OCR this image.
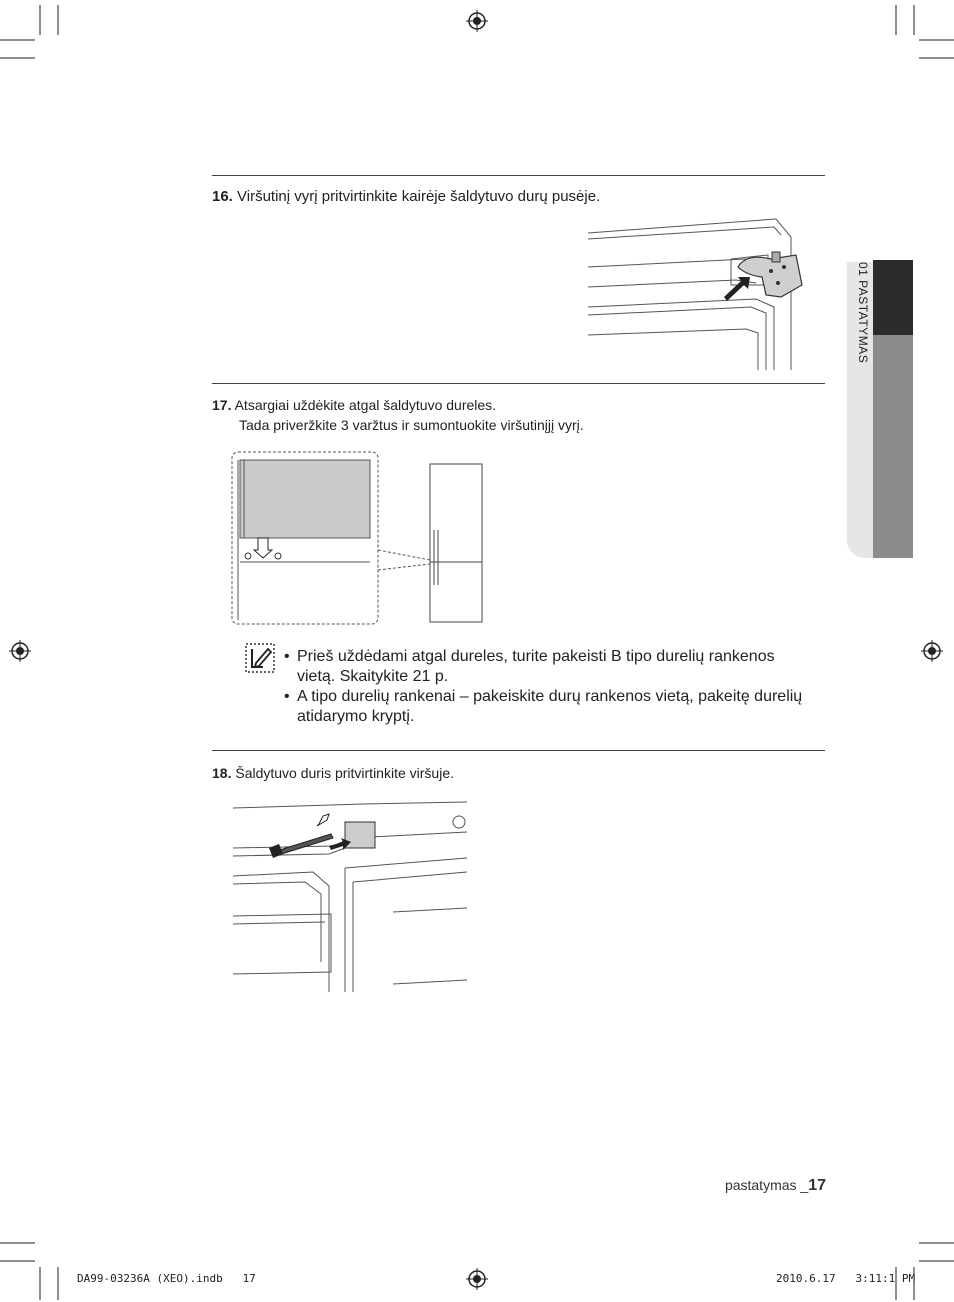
01 PASTATYMAS
16. Viršutinį vyrį pritvirtinkite kairėje šaldytuvo durų pusėje.
17. Atsargiai uždėkite atgal šaldytuvo dureles.
Tada priveržkite 3 varžtus ir sumontuokite viršutinįjį vyrį.
• Prieš uždėdami atgal dureles, turite pakeisti B tipo durelių rankenos vietą. Skaitykite 21 p.
• A tipo durelių rankenai – pakeiskite durų rankenos vietą, pakeitę durelių atidarymo kryptį.
18. Šaldytuvo duris pritvirtinkite viršuje.
pastatymas _17
DA99-03236A (XEO).indb   17	2010.6.17   3:11:1 PM
